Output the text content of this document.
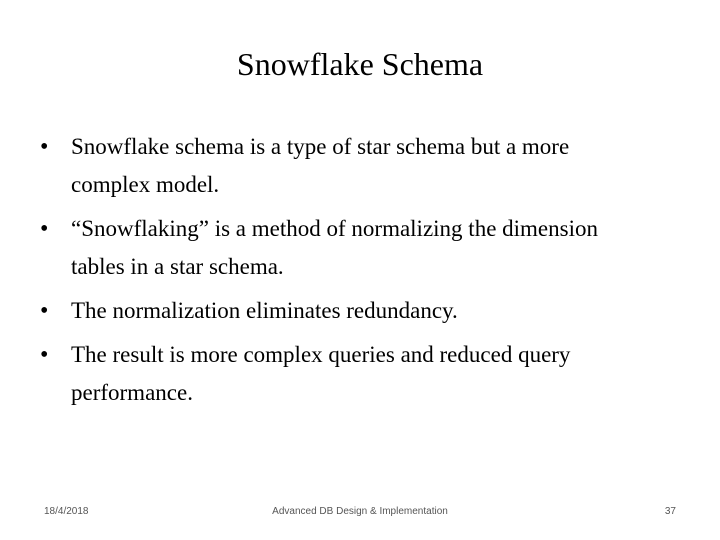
Snowflake Schema
• Snowflake schema is a type of star schema but a more complex model.
• “Snowflaking” is a method of normalizing the dimension tables in a star schema.
• The normalization eliminates redundancy.
• The result is more complex queries and reduced query performance.
18/4/2018	Advanced DB Design & Implementation	37
